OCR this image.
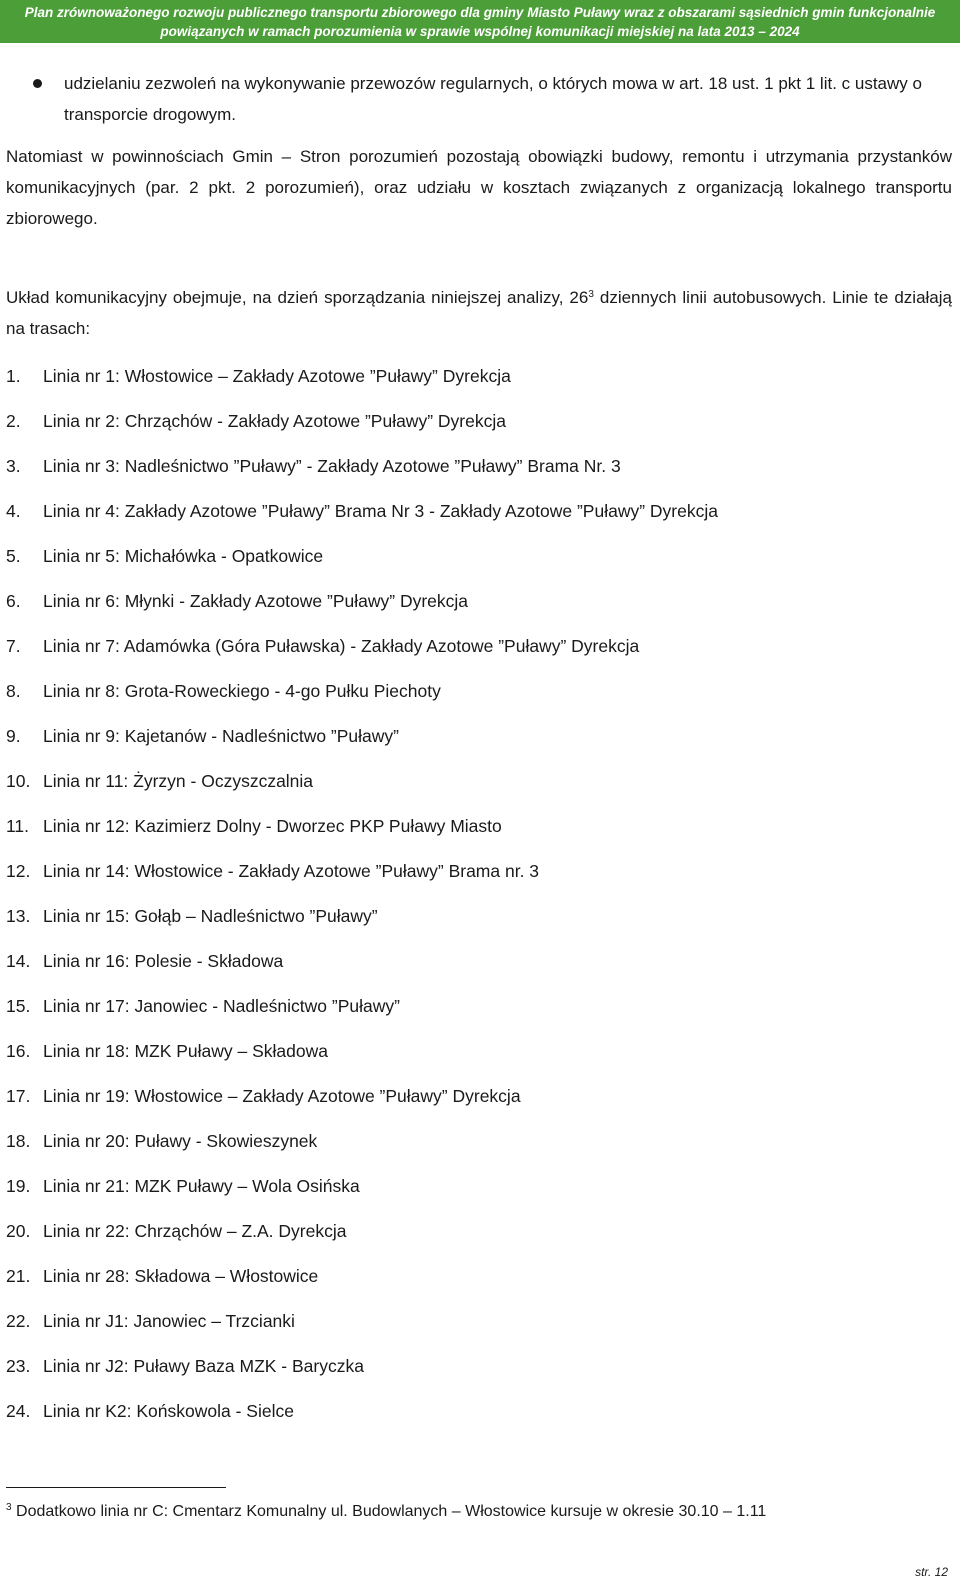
Plan zrównoważonego rozwoju publicznego transportu zbiorowego dla gminy Miasto Puławy wraz z obszarami sąsiednich gmin funkcjonalnie
powiązanych w ramach porozumienia w sprawie wspólnej komunikacji miejskiej na lata 2013 – 2024
udzielaniu zezwoleń na wykonywanie przewozów regularnych, o których mowa w art. 18 ust. 1 pkt 1 lit. c ustawy o transporcie drogowym.

Natomiast w powinnościach Gmin – Stron porozumień pozostają obowiązki budowy, remontu i utrzymania przystanków komunikacyjnych (par. 2 pkt. 2 porozumień), oraz udziału w kosztach związanych z organizacją lokalnego transportu zbiorowego.

Układ komunikacyjny obejmuje, na dzień sporządzania niniejszej analizy, $26^3$ dziennych linii autobusowych. Linie te działają na trasach:

1.	Linia nr 1: Włostowice – Zakłady Azotowe ”Puławy” Dyrekcja
2.	Linia nr 2: Chrząchów - Zakłady Azotowe ”Puławy” Dyrekcja
3.	Linia nr 3: Nadleśnictwo ”Puławy” - Zakłady Azotowe ”Puławy” Brama Nr. 3
4.	Linia nr 4: Zakłady Azotowe ”Puławy” Brama Nr 3 - Zakłady Azotowe ”Puławy” Dyrekcja
5.	Linia nr 5: Michałówka - Opatkowice
6.	Linia nr 6: Młynki - Zakłady Azotowe ”Puławy” Dyrekcja
7.	Linia nr 7: Adamówka (Góra Puławska) - Zakłady Azotowe ”Puławy” Dyrekcja
8.	Linia nr 8: Grota-Roweckiego - 4-go Pułku Piechoty
9.	Linia nr 9: Kajetanów - Nadleśnictwo ”Puławy”
10. Linia nr 11: Żyrzyn - Oczyszczalnia
11. Linia nr 12: Kazimierz Dolny - Dworzec PKP Puławy Miasto
12. Linia nr 14: Włostowice - Zakłady Azotowe ”Puławy” Brama nr. 3
13. Linia nr 15: Gołąb – Nadleśnictwo ”Puławy”
14. Linia nr 16: Polesie - Składowa
15. Linia nr 17: Janowiec - Nadleśnictwo ”Puławy”
16. Linia nr 18: MZK Puławy – Składowa
17. Linia nr 19: Włostowice – Zakłady Azotowe ”Puławy” Dyrekcja
18. Linia nr 20: Puławy - Skowieszynek
19. Linia nr 21: MZK Puławy – Wola Osińska
20. Linia nr 22: Chrząchów – Z.A. Dyrekcja
21. Linia nr 28: Składowa – Włostowice
22. Linia nr J1: Janowiec – Trzcianki
23. Linia nr J2: Puławy Baza MZK - Baryczka
24. Linia nr K2: Końskowola - Sielce
$^3$ Dodatkowo linia nr C: Cmentarz Komunalny ul. Budowlanych – Włostowice kursuje w okresie 30.10 – 1.11
str. 12
